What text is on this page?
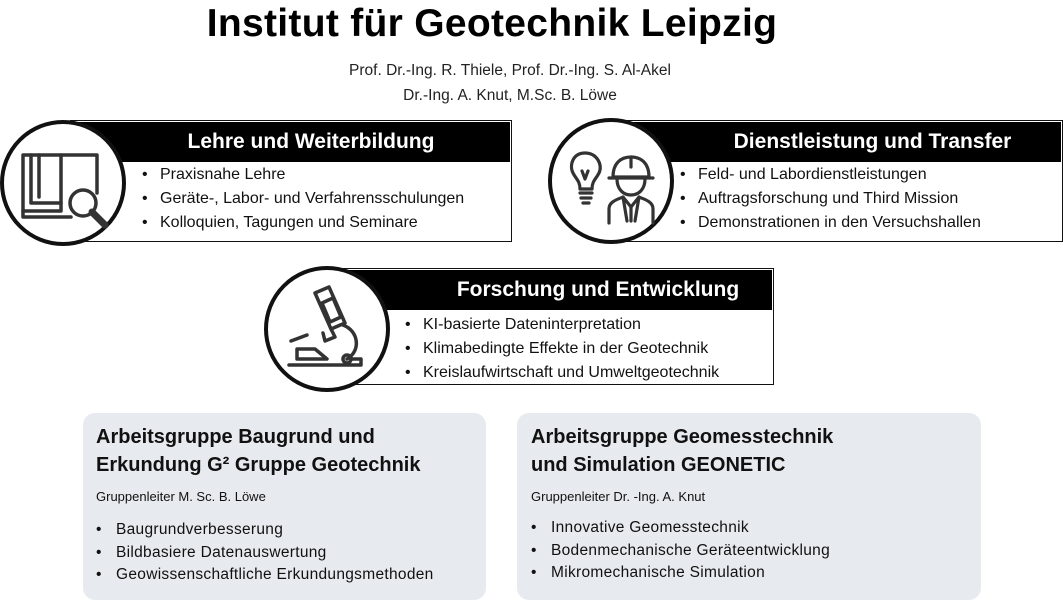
Institut für Geotechnik Leipzig
Prof. Dr.-Ing. R. Thiele, Prof. Dr.-Ing. S. Al-Akel
Dr.-Ing. A. Knut, M.Sc. B. Löwe
Lehre und Weiterbildung
• Praxisnahe Lehre
• Geräte-, Labor- und Verfahrensschulungen
• Kolloquien, Tagungen und Seminare
Dienstleistung und Transfer
• Feld- und Labordienstleistungen
• Auftragsforschung und Third Mission
• Demonstrationen in den Versuchshallen
Forschung und Entwicklung
• KI-basierte Dateninterpretation
• Klimabedingte Effekte in der Geotechnik
• Kreislaufwirtschaft und Umweltgeotechnik
Arbeitsgruppe Baugrund und
Erkundung G² Gruppe Geotechnik
Gruppenleiter M. Sc. B. Löwe
• Baugrundverbesserung
• Bildbasiere Datenauswertung
• Geowissenschaftliche Erkundungsmethoden
Arbeitsgruppe Geomesstechnik
und Simulation GEONETIC
Gruppenleiter Dr. -Ing. A. Knut
• Innovative Geomesstechnik
• Bodenmechanische Geräteentwicklung
• Mikromechanische Simulation
